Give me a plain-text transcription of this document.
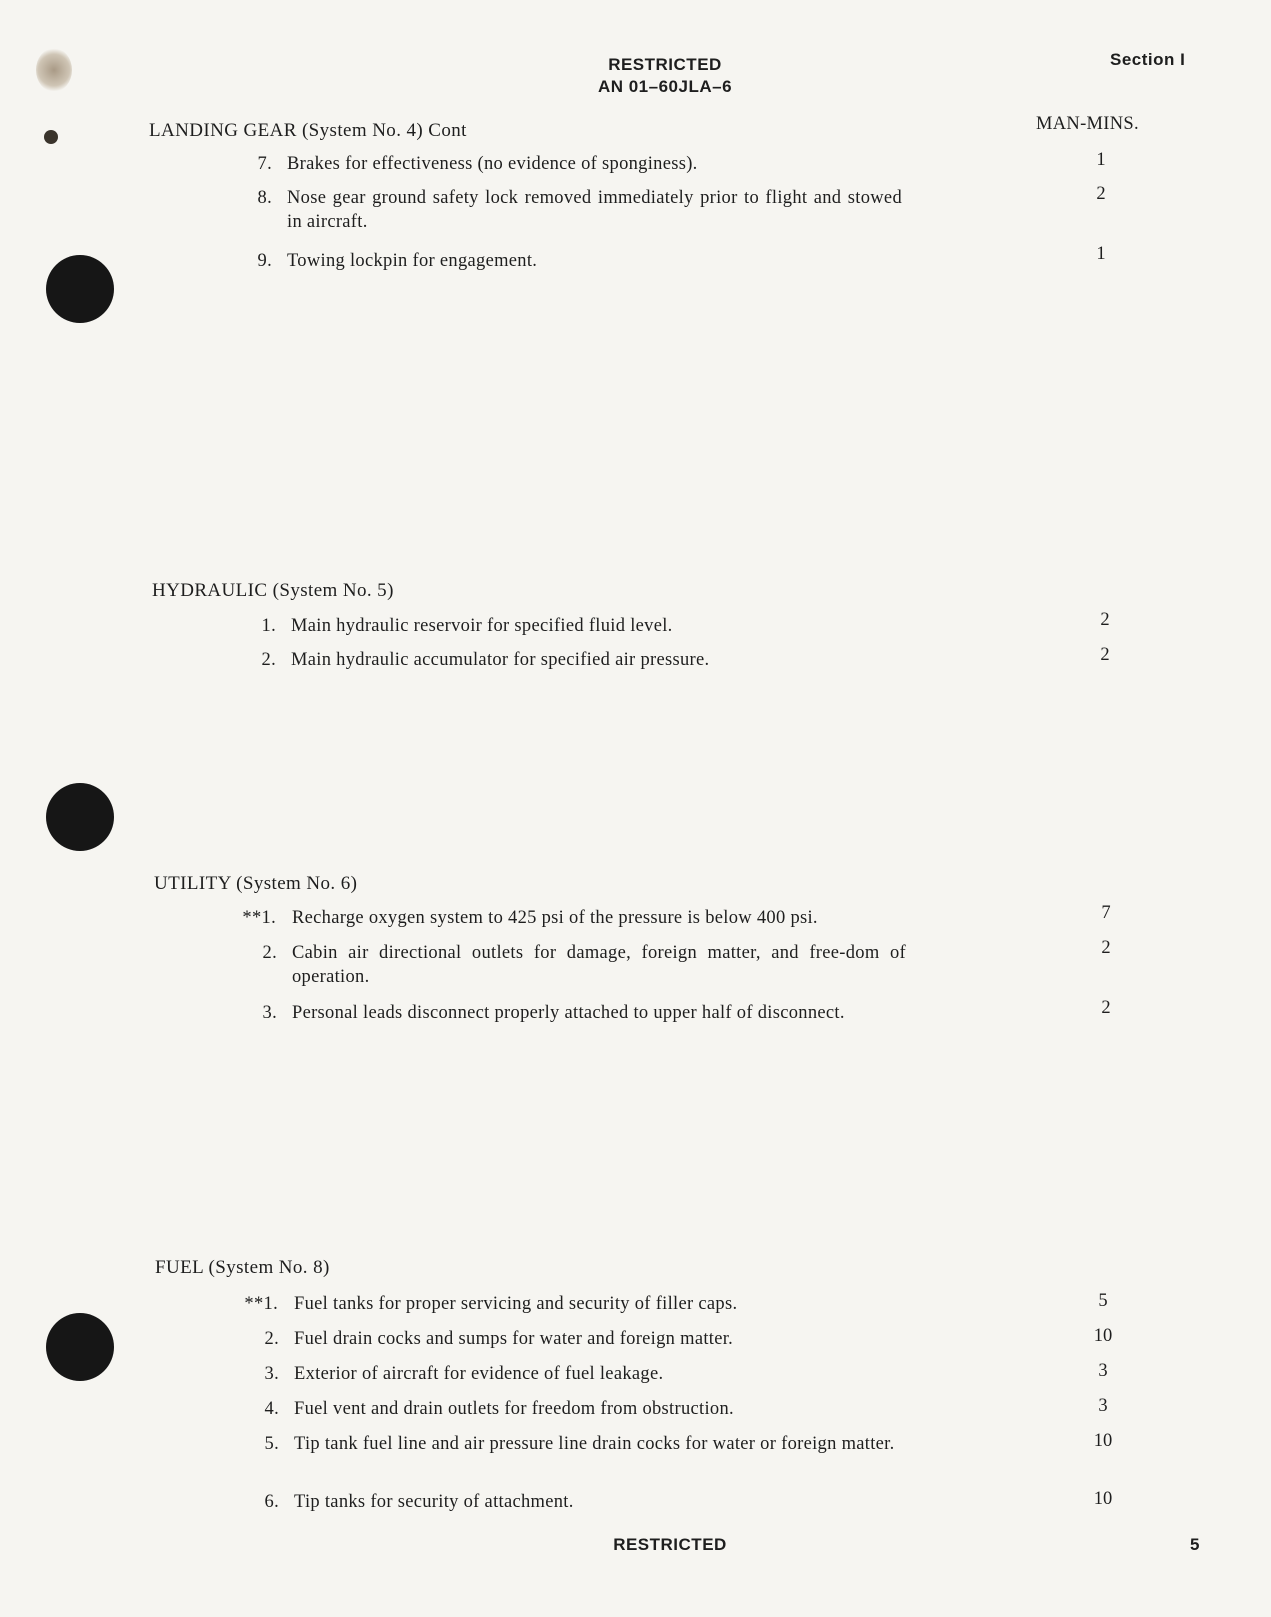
RESTRICTED
AN 01–60JLA–6
Section I
MAN-MINS.
LANDING GEAR (System No. 4) Cont
7. Brakes for effectiveness (no evidence of sponginess).	1
8. Nose gear ground safety lock removed immediately prior to flight and stowed in aircraft.
2
9. Towing lockpin for engagement.	1
HYDRAULIC (System No. 5)
1. Main hydraulic reservoir for specified fluid level.	2
2. Main hydraulic accumulator for specified air pressure.	2
UTILITY (System No. 6)
**1. Recharge oxygen system to 425 psi of the pressure is below 400 psi.	7
2. Cabin air directional outlets for damage, foreign matter, and free-dom of operation.
2
3. Personal leads disconnect properly attached to upper half of disconnect.	2
FUEL (System No. 8)
**1. Fuel tanks for proper servicing and security of filler caps.	5
2. Fuel drain cocks and sumps for water and foreign matter.	10
3. Exterior of aircraft for evidence of fuel leakage.	3
4. Fuel vent and drain outlets for freedom from obstruction.	3
5. Tip tank fuel line and air pressure line drain cocks for water or foreign matter.	10
6. Tip tanks for security of attachment.	10
RESTRICTED	5
